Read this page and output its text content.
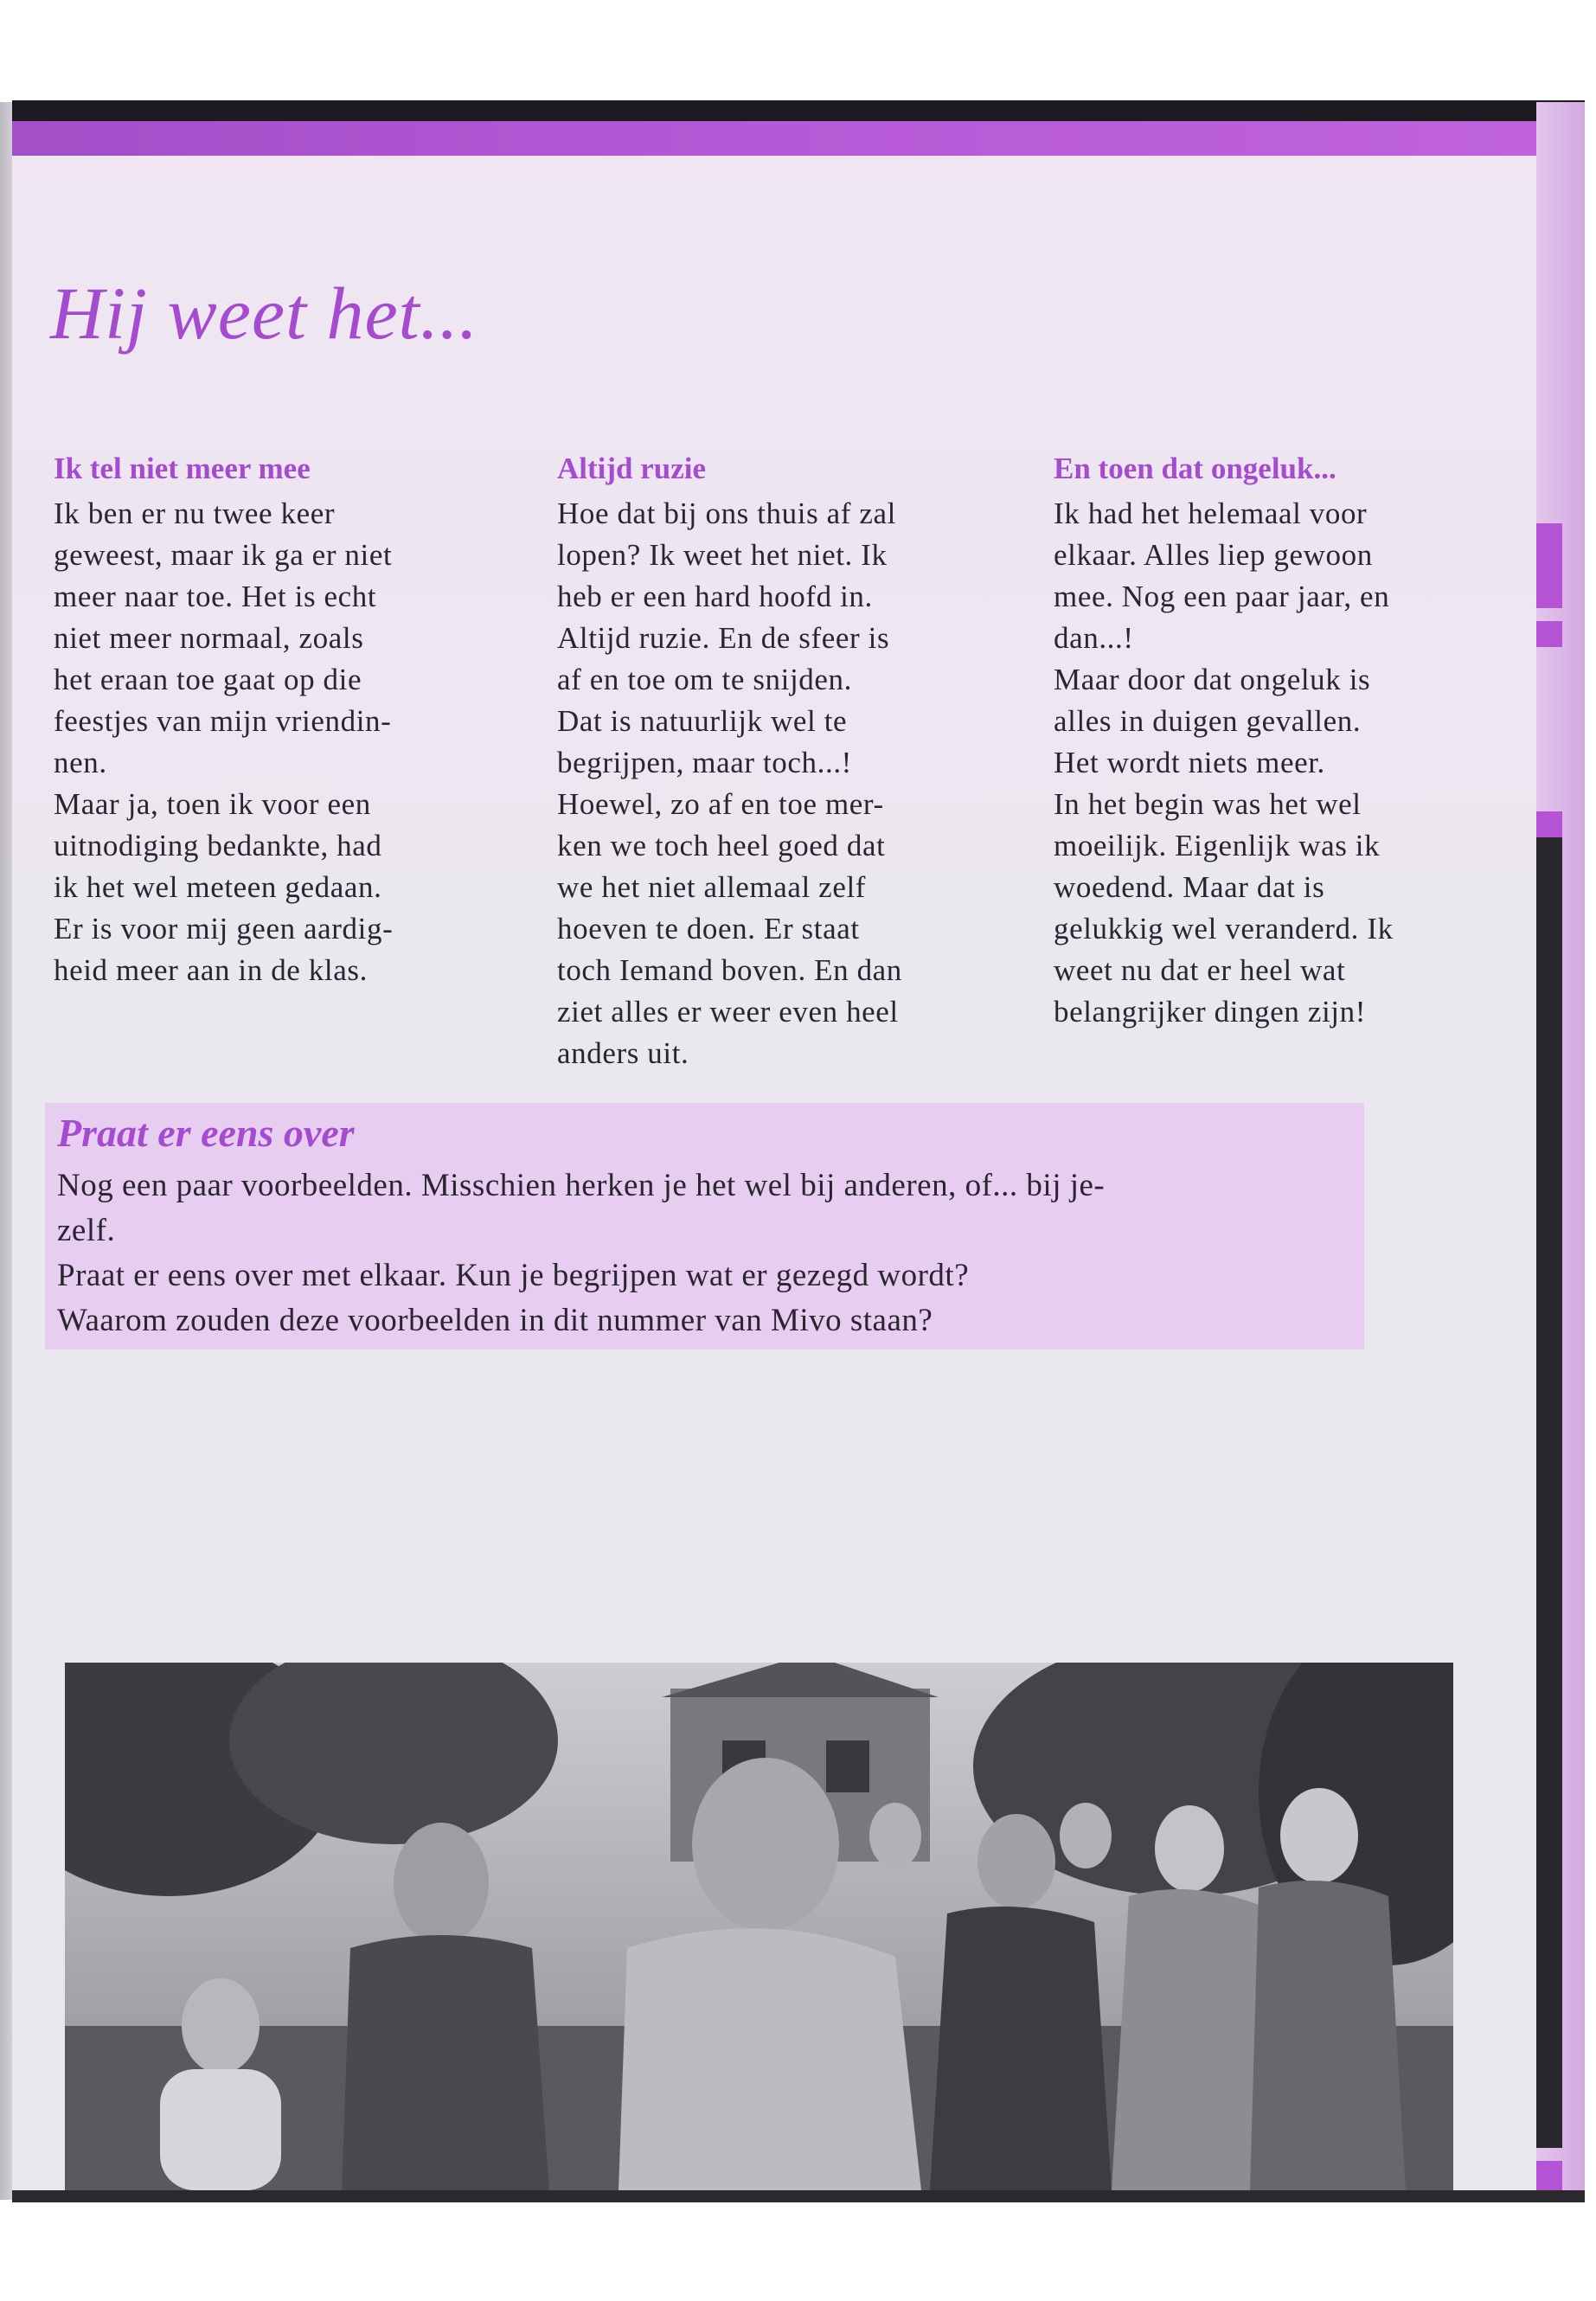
Hij weet het...
Ik tel niet meer mee

Ik ben er nu twee keer
geweest, maar ik ga er niet
meer naar toe. Het is echt
niet meer normaal, zoals
het eraan toe gaat op die
feestjes van mijn vriendin-
nen.
Maar ja, toen ik voor een
uitnodiging bedankte, had
ik het wel meteen gedaan.
Er is voor mij geen aardig-
heid meer aan in de klas.

Altijd ruzie

Hoe dat bij ons thuis af zal
lopen? Ik weet het niet. Ik
heb er een hard hoofd in.
Altijd ruzie. En de sfeer is
af en toe om te snijden.
Dat is natuurlijk wel te
begrijpen, maar toch...!
Hoewel, zo af en toe mer-
ken we toch heel goed dat
we het niet allemaal zelf
hoeven te doen. Er staat
toch Iemand boven. En dan
ziet alles er weer even heel
anders uit.

En toen dat ongeluk...

Ik had het helemaal voor
elkaar. Alles liep gewoon
mee. Nog een paar jaar, en
dan...!
Maar door dat ongeluk is
alles in duigen gevallen.
Het wordt niets meer.
In het begin was het wel
moeilijk. Eigenlijk was ik
woedend. Maar dat is
gelukkig wel veranderd. Ik
weet nu dat er heel wat
belangrijker dingen zijn!

Praat er eens over

Nog een paar voorbeelden. Misschien herken je het wel bij anderen, of... bij je-
zelf.
Praat er eens over met elkaar. Kun je begrijpen wat er gezegd wordt?
Waarom zouden deze voorbeelden in dit nummer van Mivo staan?
